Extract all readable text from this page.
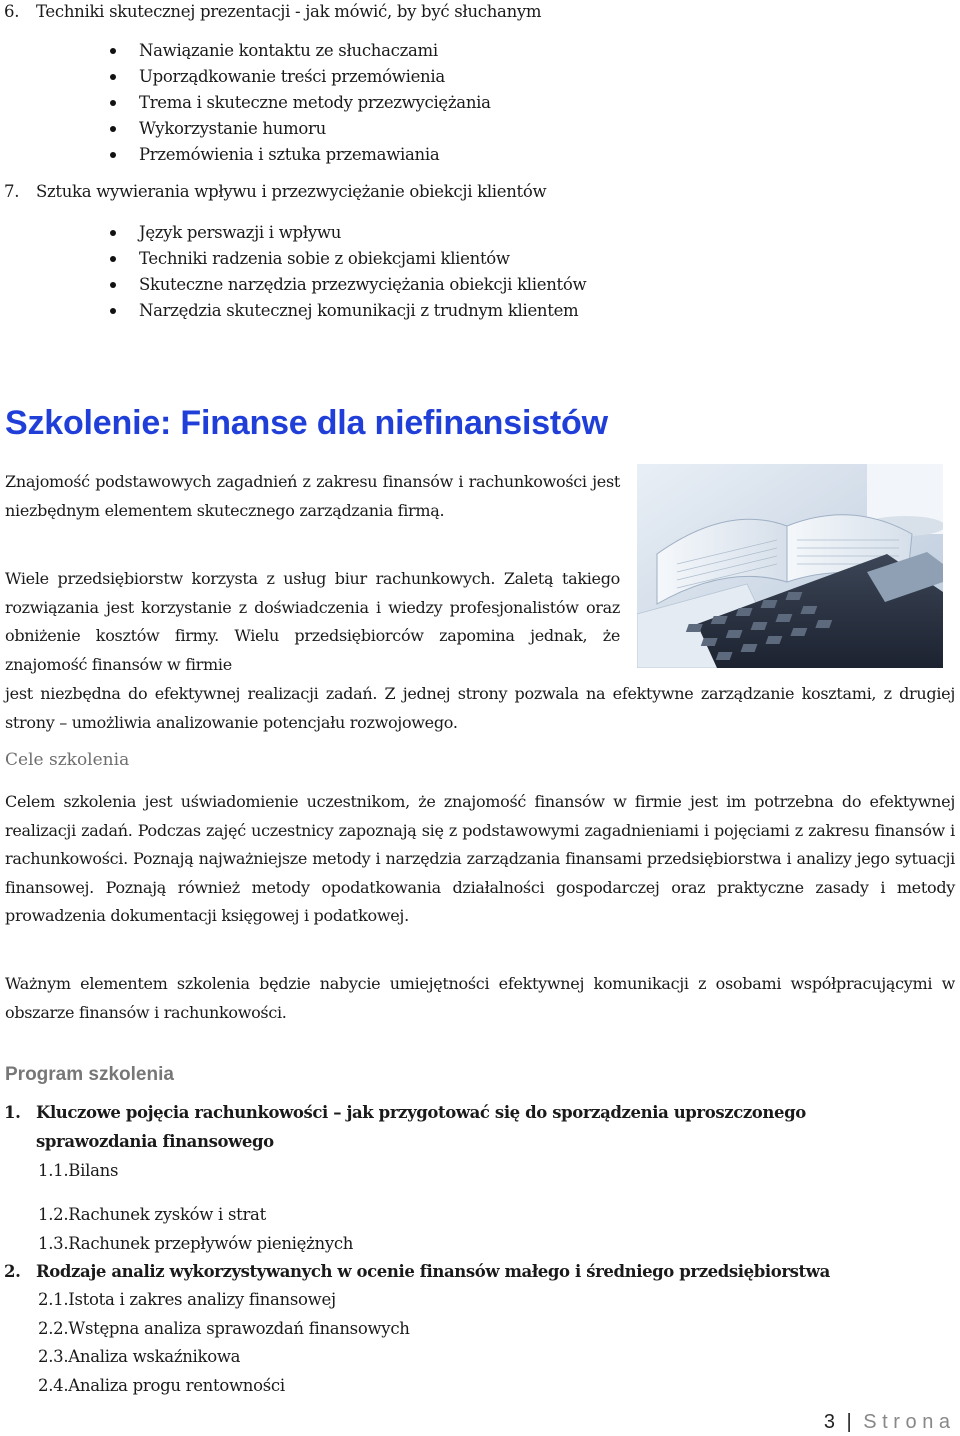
6. Techniki skutecznej prezentacji - jak mówić, by być słuchanym
Nawiązanie kontaktu ze słuchaczami
Uporządkowanie treści przemówienia
Trema i skuteczne metody przezwyciężania
Wykorzystanie humoru
Przemówienia i sztuka przemawiania
7. Sztuka wywierania wpływu i przezwyciężanie obiekcji klientów
Język perswazji i wpływu
Techniki radzenia sobie z obiekcjami klientów
Skuteczne narzędzia przezwyciężania obiekcji klientów
Narzędzia skutecznej komunikacji z trudnym klientem
Szkolenie: Finanse dla niefinansistów

Znajomość podstawowych zagadnień z zakresu finansów i rachunkowości jest niezbędnym elementem skutecznego zarządzania firmą.

Wiele przedsiębiorstw korzysta z usług biur rachunkowych. Zaletą takiego rozwiązania jest korzystanie z doświadczenia i wiedzy profesjonalistów oraz obniżenie kosztów firmy. Wielu przedsiębiorców zapomina jednak, że znajomość finansów w firmie

jest niezbędna do efektywnej realizacji zadań. Z jednej strony pozwala na efektywne zarządzanie kosztami, z drugiej strony – umożliwia analizowanie potencjału rozwojowego.

Cele szkolenia

Celem szkolenia jest uświadomienie uczestnikom, że znajomość finansów w firmie jest im potrzebna do efektywnej realizacji zadań. Podczas zajęć uczestnicy zapoznają się z podstawowymi zagadnieniami i pojęciami z zakresu finansów i rachunkowości. Poznają najważniejsze metody i narzędzia zarządzania finansami przedsiębiorstwa i analizy jego sytuacji finansowej. Poznają również metody opodatkowania działalności gospodarczej oraz praktyczne zasady i metody prowadzenia dokumentacji księgowej i podatkowej.

Ważnym elementem szkolenia będzie nabycie umiejętności efektywnej komunikacji z osobami współpracującymi w obszarze finansów i rachunkowości.

Program szkolenia
1. Kluczowe pojęcia rachunkowości – jak przygotować się do sporządzenia uproszczonego
sprawozdania finansowego
1.1.Bilans
1.2.Rachunek zysków i strat
1.3.Rachunek przepływów pieniężnych
2. Rodzaje analiz wykorzystywanych w ocenie finansów małego i średniego przedsiębiorstwa
2.1.Istota i zakres analizy finansowej
2.2.Wstępna analiza sprawozdań finansowych
2.3.Analiza wskaźnikowa
2.4.Analiza progu rentowności
3 | S t r o n a
